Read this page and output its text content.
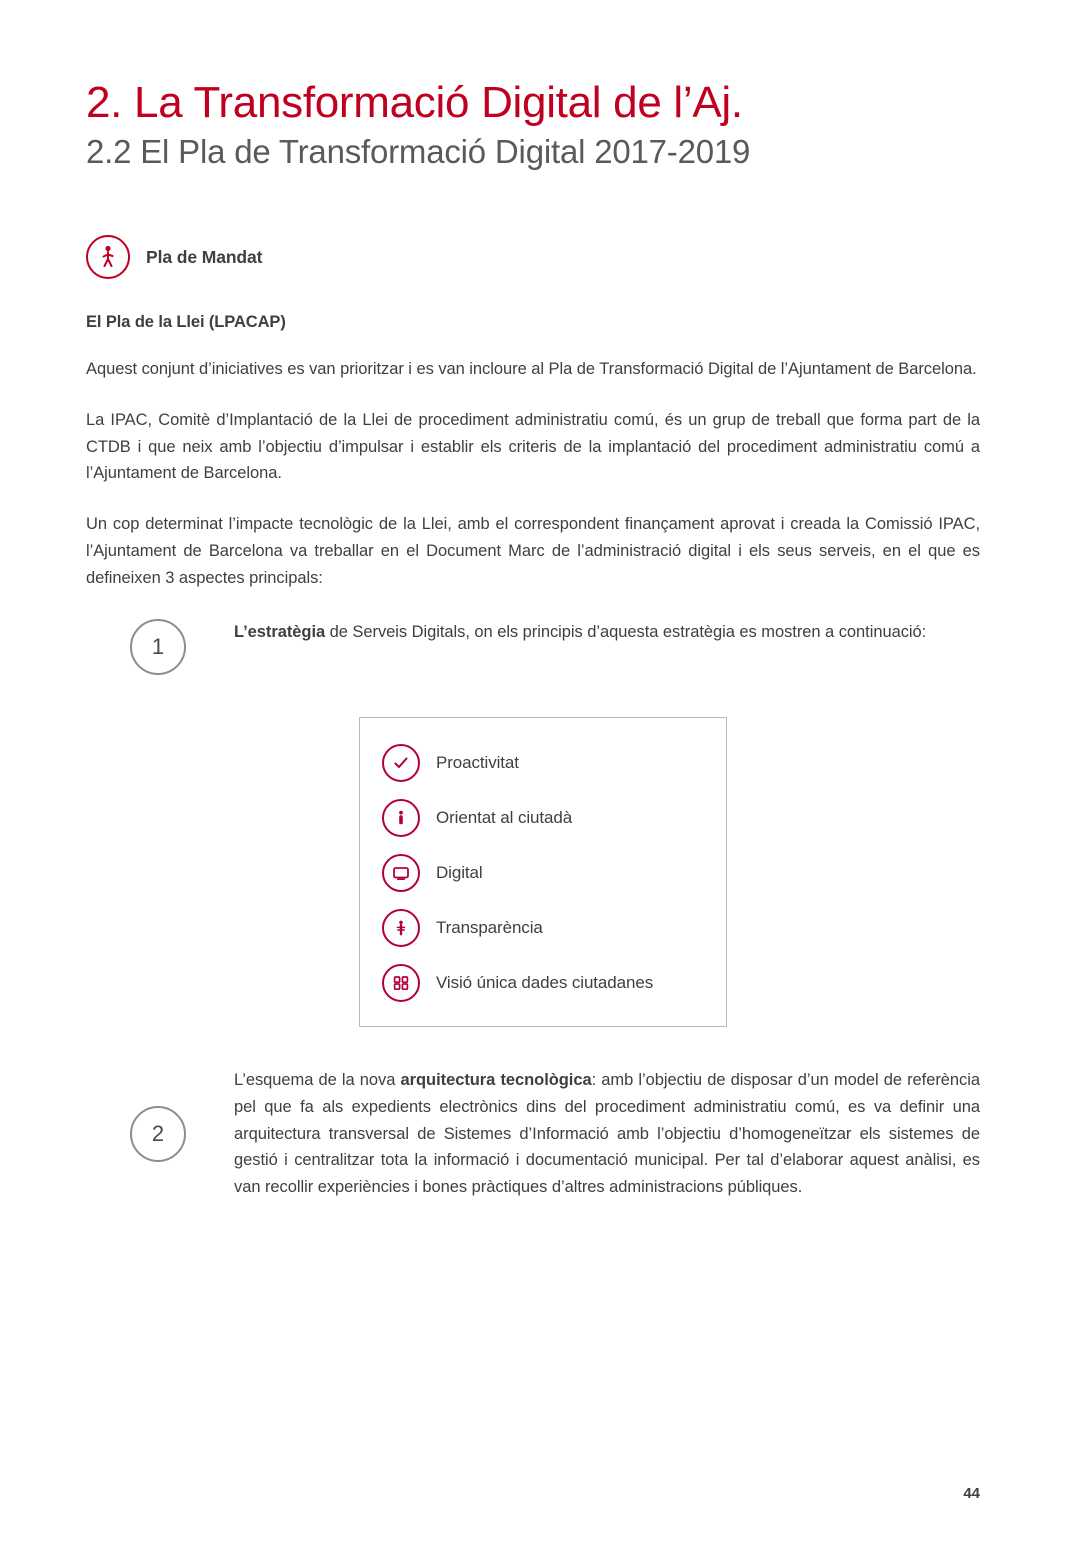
2. La Transformació Digital de l’Aj.
2.2 El Pla de Transformació Digital 2017-2019
Pla de Mandat
El Pla de la Llei (LPACAP)

Aquest conjunt d’iniciatives es van prioritzar i es van incloure al Pla de Transformació Digital de l’Ajuntament de Barcelona.

La IPAC, Comitè d’Implantació de la Llei de procediment administratiu comú, és un grup de treball que forma part de la CTDB i que neix amb l’objectiu d’impulsar i establir els criteris de la implantació del procediment administratiu comú a l’Ajuntament de Barcelona.

Un cop determinat l’impacte tecnològic de la Llei, amb el correspondent finançament aprovat i creada la Comissió IPAC, l’Ajuntament de Barcelona va treballar en el Document Marc de l’administració digital i els seus serveis, en el que es defineixen 3 aspectes principals:

1
L’estratègia de Serveis Digitals, on els principis d’aquesta estratègia es mostren a continuació:
Proactivitat
Orientat al ciutadà
Digital
Transparència
Visió única dades ciutadanes
2
L’esquema de la nova arquitectura tecnològica: amb l’objectiu de disposar d’un model de referència pel que fa als expedients electrònics dins del procediment administratiu comú, es va definir una arquitectura transversal de Sistemes d’Informació amb l’objectiu d’homogeneïtzar els sistemes de gestió i centralitzar tota la informació i documentació municipal. Per tal d’elaborar aquest anàlisi, es van recollir experiències i bones pràctiques d’altres administracions públiques.
44
